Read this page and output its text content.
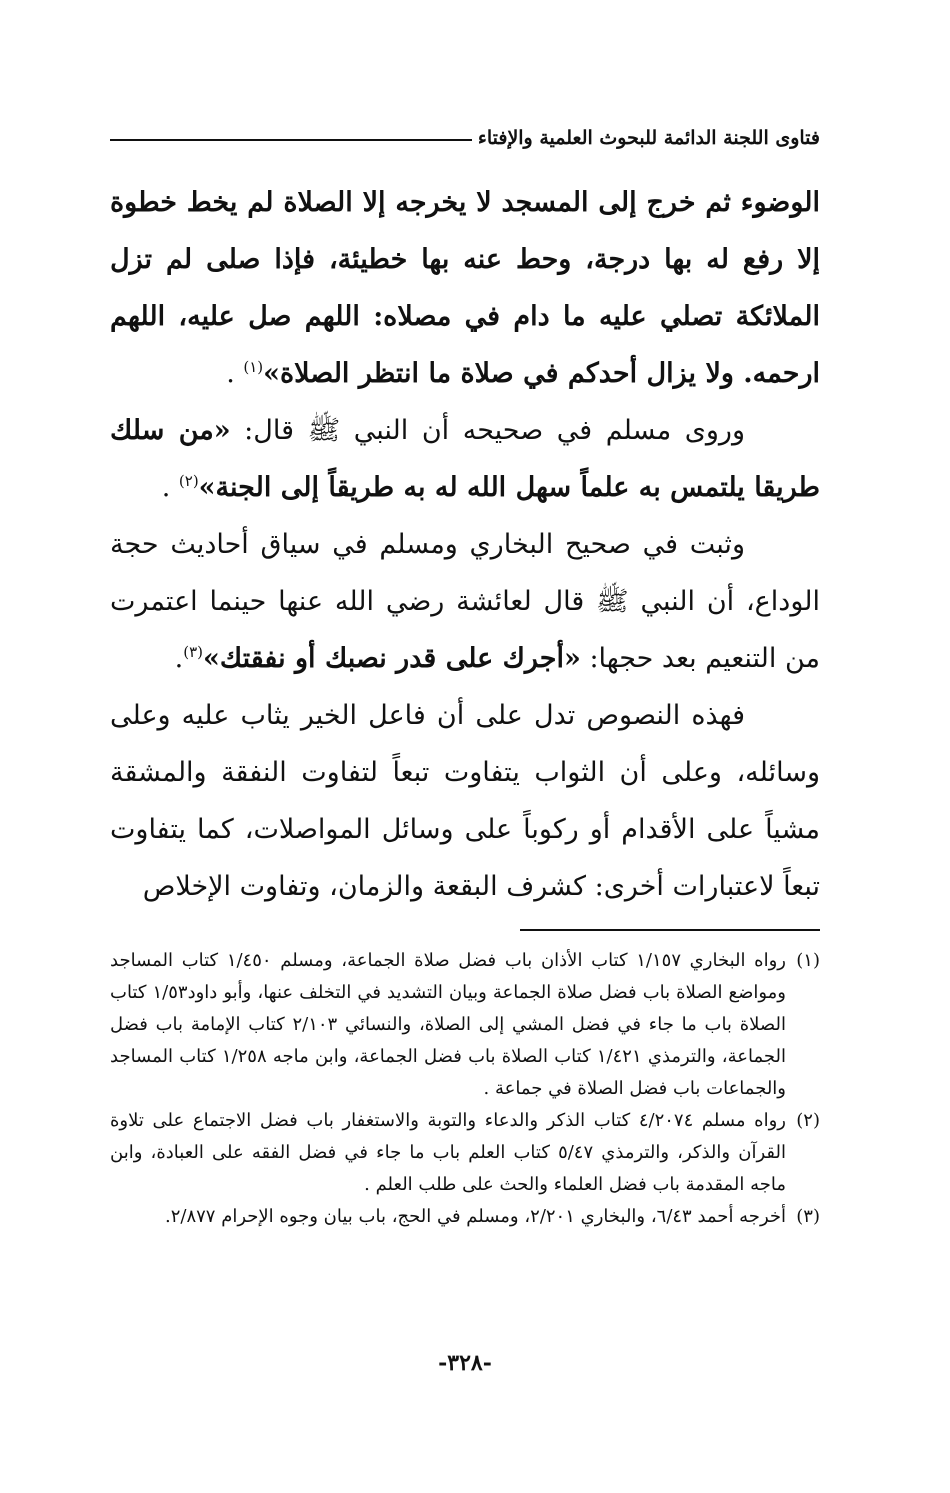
فتاوى اللجنة الدائمة للبحوث العلمية والإفتاء

الوضوء ثم خرج إلى المسجد لا يخرجه إلا الصلاة لم يخط خطوة إلا رفع له بها درجة، وحط عنه بها خطيئة، فإذا صلى لم تزل الملائكة تصلي عليه ما دام في مصلاه: اللهم صل عليه، اللهم ارحمه. ولا يزال أحدكم في صلاة ما انتظر الصلاة»$^{(١)}$ .

وروى مسلم في صحيحه أن النبي ﷺ قال: «من سلك طريقا يلتمس به علماً سهل الله له به طريقاً إلى الجنة»$^{(٢)}$ .

وثبت في صحيح البخاري ومسلم في سياق أحاديث حجة الوداع، أن النبي ﷺ قال لعائشة رضي الله عنها حينما اعتمرت من التنعيم بعد حجها: «أجرك على قدر نصبك أو نفقتك»$^{(٣)}$.

فهذه النصوص تدل على أن فاعل الخير يثاب عليه وعلى وسائله، وعلى أن الثواب يتفاوت تبعاً لتفاوت النفقة والمشقة مشياً على الأقدام أو ركوباً على وسائل المواصلات، كما يتفاوت تبعاً لاعتبارات أخرى: كشرف البقعة والزمان، وتفاوت الإخلاص

(١)
رواه البخاري ١/١٥٧ كتاب الأذان باب فضل صلاة الجماعة، ومسلم ١/٤٥٠ كتاب المساجد ومواضع الصلاة باب فضل صلاة الجماعة وبيان التشديد في التخلف عنها، وأبو داود١/٥٣ كتاب الصلاة باب ما جاء في فضل المشي إلى الصلاة، والنسائي ٢/١٠٣ كتاب الإمامة باب فضل الجماعة، والترمذي ١/٤٢١ كتاب الصلاة باب فضل الجماعة، وابن ماجه ١/٢٥٨ كتاب المساجد والجماعات باب فضل الصلاة في جماعة .
(٢)
رواه مسلم ٤/٢٠٧٤ كتاب الذكر والدعاء والتوبة والاستغفار باب فضل الاجتماع على تلاوة القرآن والذكر، والترمذي ٥/٤٧ كتاب العلم باب ما جاء في فضل الفقه على العبادة، وابن ماجه المقدمة باب فضل العلماء والحث على طلب العلم .
(٣)
أخرجه أحمد ٦/٤٣، والبخاري ٢/٢٠١، ومسلم في الحج، باب بيان وجوه الإحرام ٢/٨٧٧.
-٣٢٨-
